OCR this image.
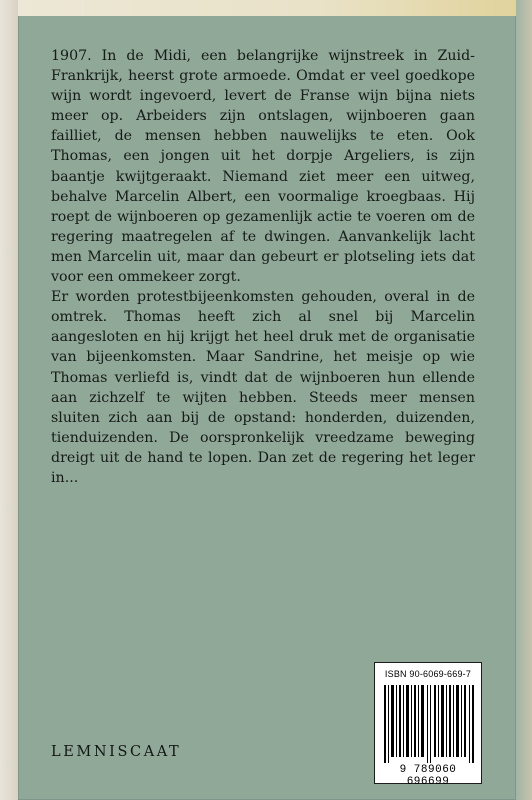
1907. In de Midi, een belangrijke wijnstreek in Zuid-Frankrijk, heerst grote armoede. Omdat er veel goedkope wijn wordt ingevoerd, levert de Franse wijn bijna niets meer op. Arbeiders zijn ontslagen, wijnboeren gaan failliet, de mensen hebben nauwelijks te eten. Ook Thomas, een jongen uit het dorpje Argeliers, is zijn baantje kwijtgeraakt. Niemand ziet meer een uitweg, behalve Marcelin Albert, een voormalige kroegbaas. Hij roept de wijnboeren op gezamenlijk actie te voeren om de regering maatregelen af te dwingen. Aanvankelijk lacht men Marcelin uit, maar dan gebeurt er plotseling iets dat voor een ommekeer zorgt.

Er worden protestbijeenkomsten gehouden, overal in de omtrek. Thomas heeft zich al snel bij Marcelin aangesloten en hij krijgt het heel druk met de organisatie van bijeenkomsten. Maar Sandrine, het meisje op wie Thomas verliefd is, vindt dat de wijnboeren hun ellende aan zichzelf te wijten hebben. Steeds meer mensen sluiten zich aan bij de opstand: honderden, duizenden, tienduizenden. De oorspronkelijk vreedzame beweging dreigt uit de hand te lopen. Dan zet de regering het leger in...

LEMNISCAAT
ISBN 90-6069-669-7
9 789060 696699
